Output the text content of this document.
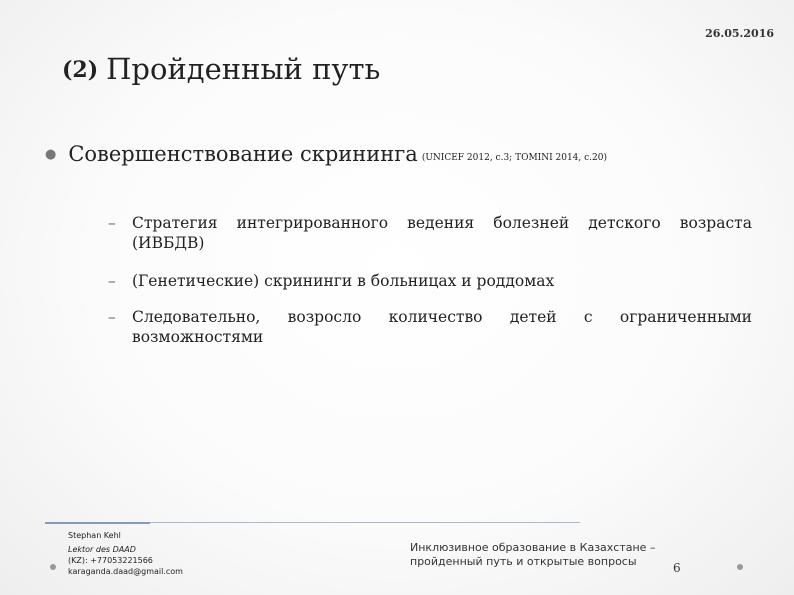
26.05.2016
(2) Пройденный путь
● Совершенствование скрининга (UNICEF 2012, с.3; TOMINI 2014, с.20)
– Стратегия интегрированного ведения болезней детского возраста
(ИВБДВ)
–	(Генетические) скрининги в больницах и роддомах
– Следовательно, возросло количество детей с ограниченными
возможностями
Stephan Kehl
Lektor des DAAD
(KZ): +77053221566
karaganda.daad@gmail.com
Инклюзивное образование в Казахстане –
пройденный путь и открытые вопросы	6
